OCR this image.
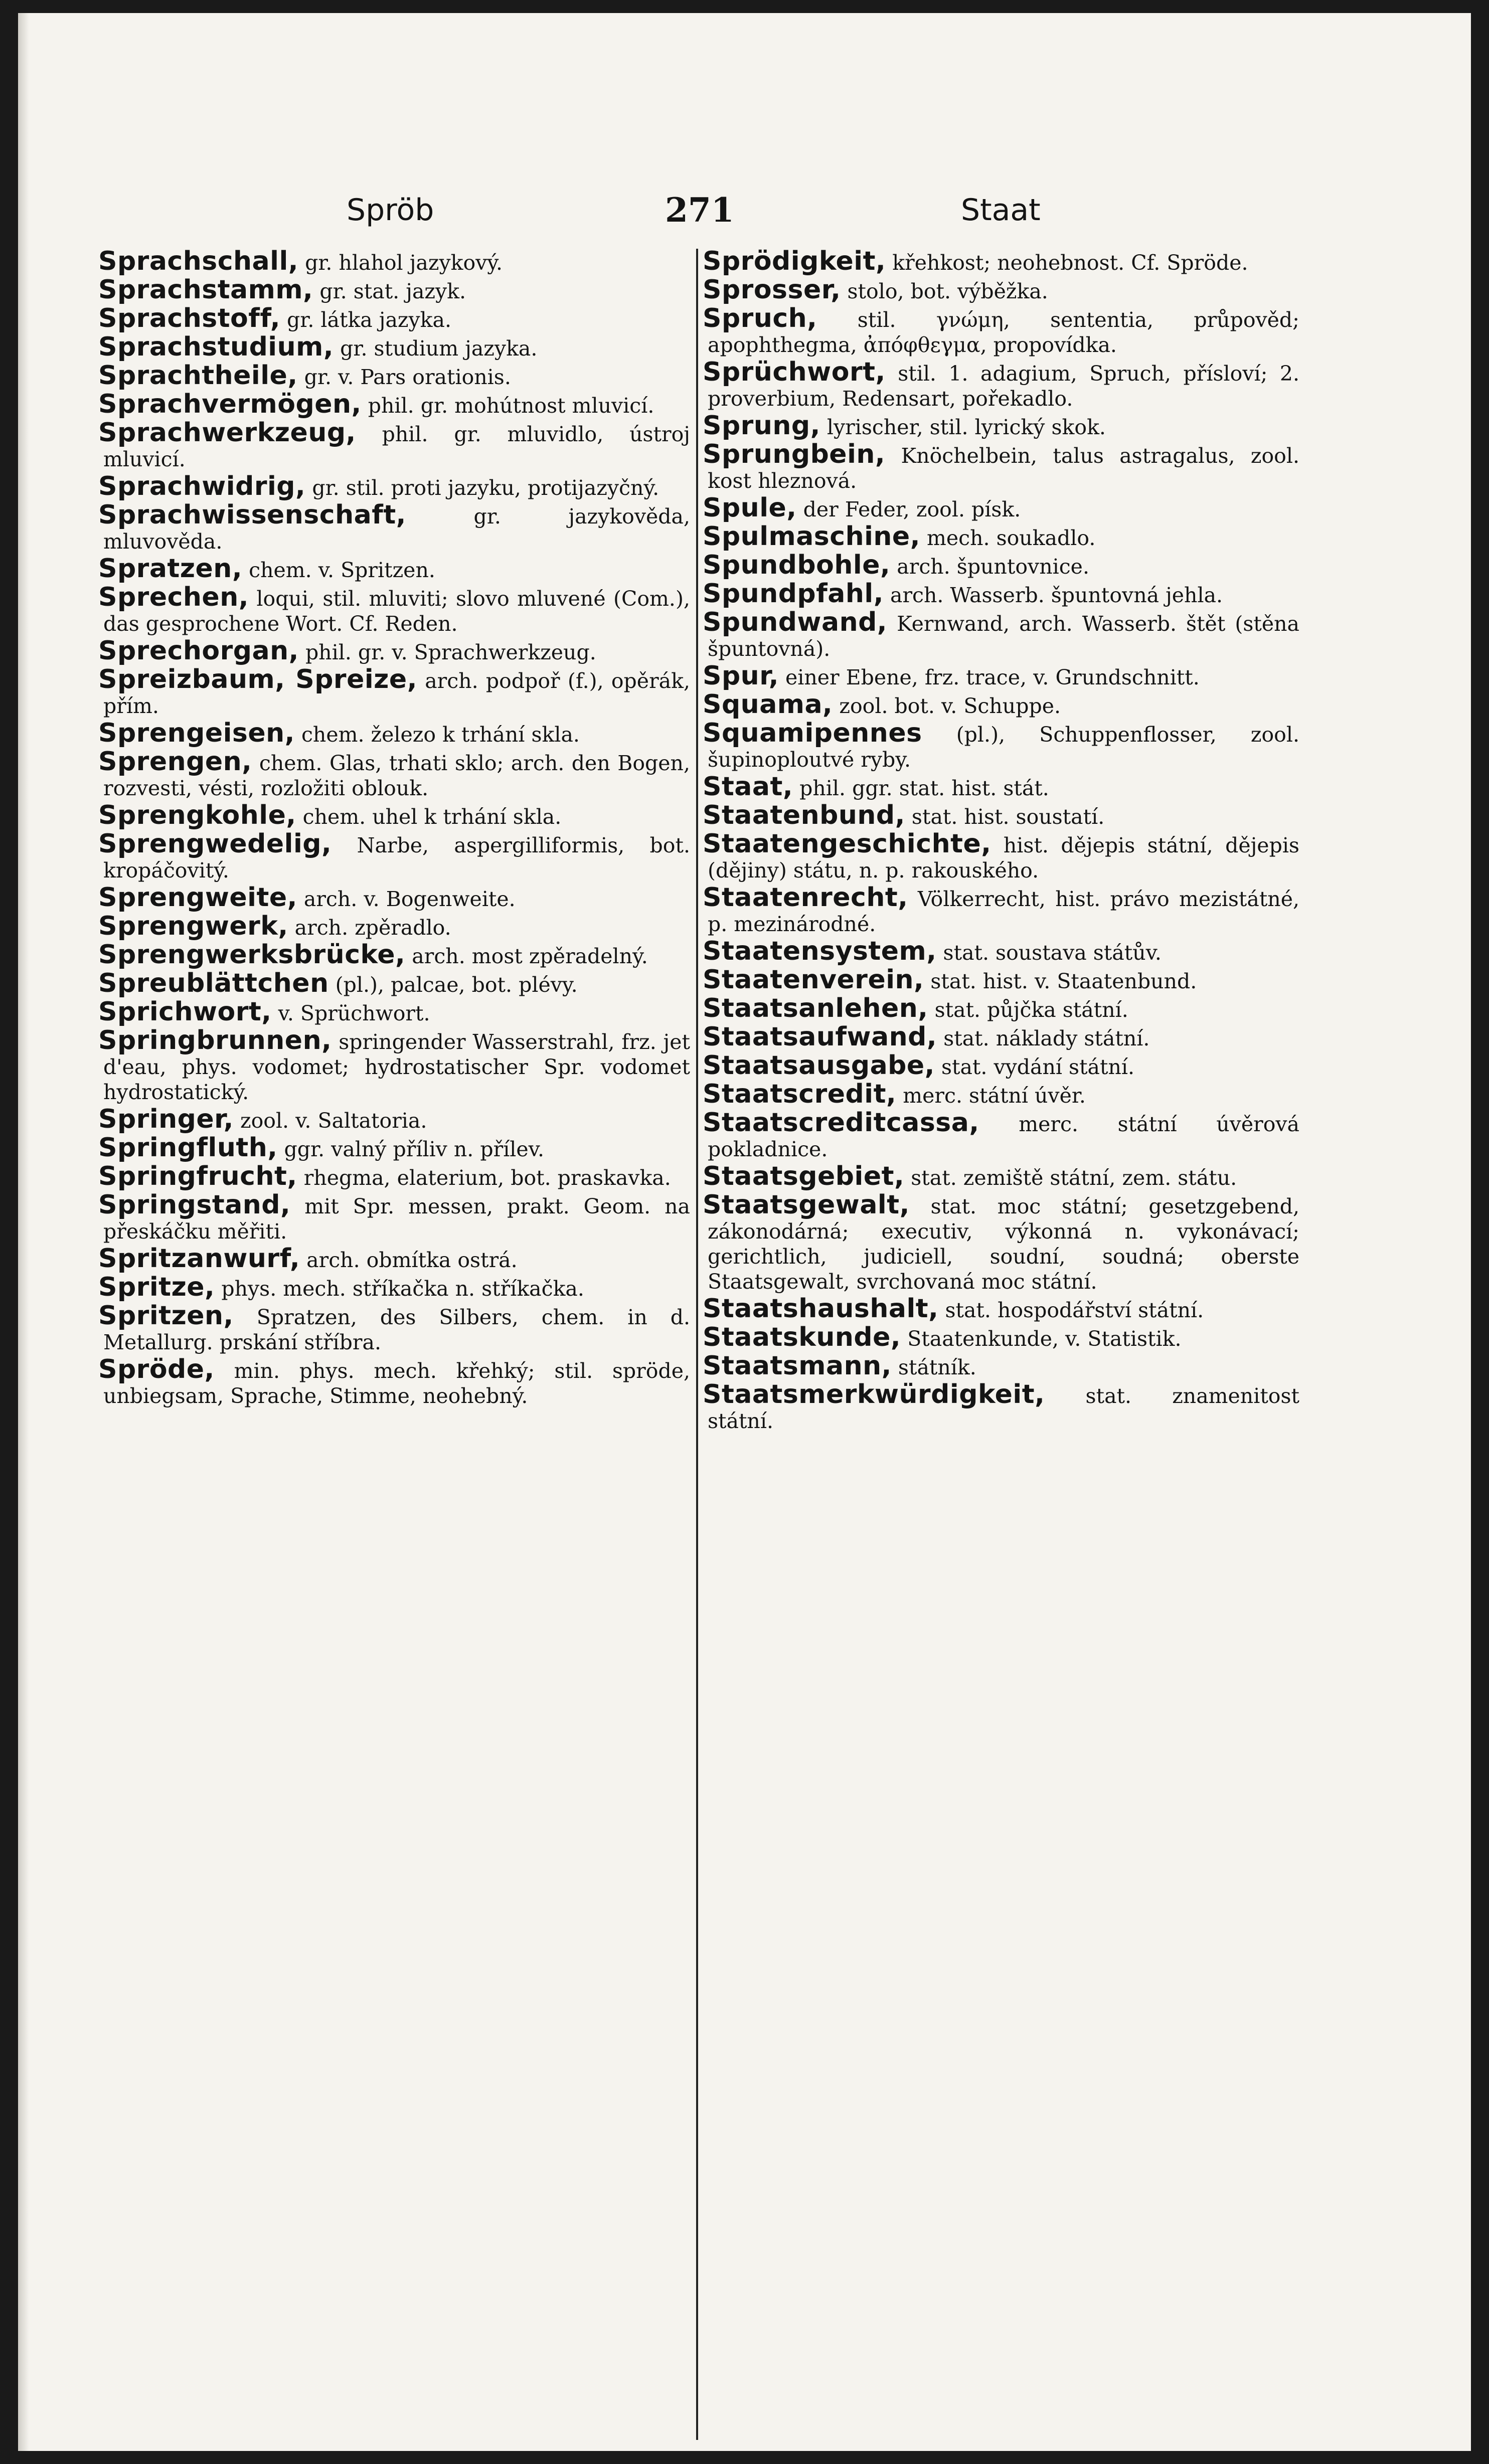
Spröb	271	Staat

Sprachschall, gr. hlahol jazykový.

Sprachstamm, gr. stat. jazyk.

Sprachstoff, gr. látka jazyka.

Sprachstudium, gr. studium jazyka.

Sprachtheile, gr. v. Pars orationis.

Sprachvermögen, phil. gr. mohútnost mluvicí.

Sprachwerkzeug, phil. gr. mluvidlo, ústroj mluvicí.

Sprachwidrig, gr. stil. proti jazyku, protijazyčný.

Sprachwissenschaft,	gr. jazykověda, mluvověda.

Spratzen, chem. v. Spritzen.

Sprechen, loqui, stil. mluviti; slovo mluvené (Com.), das gesprochene Wort. Cf. Reden.

Sprechorgan, phil. gr. v. Sprachwerkzeug.

Spreizbaum, Spreize, arch. podpoř (f.), opěrák, přím.

Sprengeisen, chem. železo k trhání skla.

Sprengen, chem. Glas, trhati sklo; arch. den Bogen, rozvesti, vésti, rozložiti oblouk.

Sprengkohle, chem. uhel k trhání skla.

Sprengwedelig, Narbe, aspergilliformis, bot. kropáčovitý.

Sprengweite, arch. v. Bogenweite.

Sprengwerk, arch. zpěradlo.

Sprengwerksbrücke, arch. most zpěradelný.

Spreublättchen (pl.), palcae, bot. plévy.

Sprichwort, v. Sprüchwort.

Springbrunnen, springender Wasserstrahl, frz. jet d'eau, phys. vodomet; hydrostatischer Spr. vodomet hydrostatický.

Springer, zool. v. Saltatoria.

Springfluth, ggr. valný příliv n. přílev.

Springfrucht, rhegma, elaterium, bot. praskavka.

Springstand, mit Spr. messen, prakt. Geom. na přeskáčku měřiti.

Spritzanwurf, arch. obmítka ostrá.

Spritze, phys. mech. stříkačka n. stříkačka.

Spritzen, Spratzen, des Silbers, chem. in d. Metallurg. prskání stříbra.

Spröde, min. phys. mech. křehký; stil. spröde, unbiegsam, Sprache, Stimme, neohebný.

Sprödigkeit, křehkost; neohebnost. Cf. Spröde.

Sprosser, stolo, bot. výběžka.

Spruch, stil. γνώμη, sententia, průpověd; apophthegma, ἀπόφθεγμα, propovídka.

Sprüchwort, stil. 1. adagium, Spruch, přísloví; 2. proverbium, Redensart, pořekadlo.

Sprung, lyrischer, stil. lyrický skok.

Sprungbein, Knöchelbein, talus astragalus, zool. kost hleznová.

Spule, der Feder, zool. písk.

Spulmaschine, mech. soukadlo.

Spundbohle, arch. špuntovnice.

Spundpfahl, arch. Wasserb. špuntovná jehla.

Spundwand, Kernwand, arch. Wasserb. štět (stěna špuntovná).

Spur, einer Ebene, frz. trace, v. Grundschnitt.

Squama, zool. bot. v. Schuppe.

Squamipennes (pl.), Schuppenflosser, zool. šupinoploutvé ryby.

Staat, phil. ggr. stat. hist. stát.

Staatenbund, stat. hist. soustatí.

Staatengeschichte, hist. dějepis státní, dějepis (dějiny) státu, n. p. rakouského.

Staatenrecht, Völkerrecht, hist. právo mezistátné, p. mezinárodné.

Staatensystem, stat. soustava státův.

Staatenverein, stat. hist. v. Staatenbund.

Staatsanlehen, stat. půjčka státní.

Staatsaufwand, stat. náklady státní.

Staatsausgabe, stat. vydání státní.

Staatscredit, merc. státní úvěr.

Staatscreditcassa, merc. státní úvěrová pokladnice.

Staatsgebiet, stat. zemiště státní, zem. státu.

Staatsgewalt, stat. moc státní; gesetzgebend, zákonodárná; executiv, výkonná n. vykonávací; gerichtlich, judiciell, soudní, soudná; oberste Staatsgewalt, svrchovaná moc státní.

Staatshaushalt, stat. hospodářství státní.

Staatskunde, Staatenkunde, v. Statistik.

Staatsmann, státník.

Staatsmerkwürdigkeit, stat. znamenitost státní.
